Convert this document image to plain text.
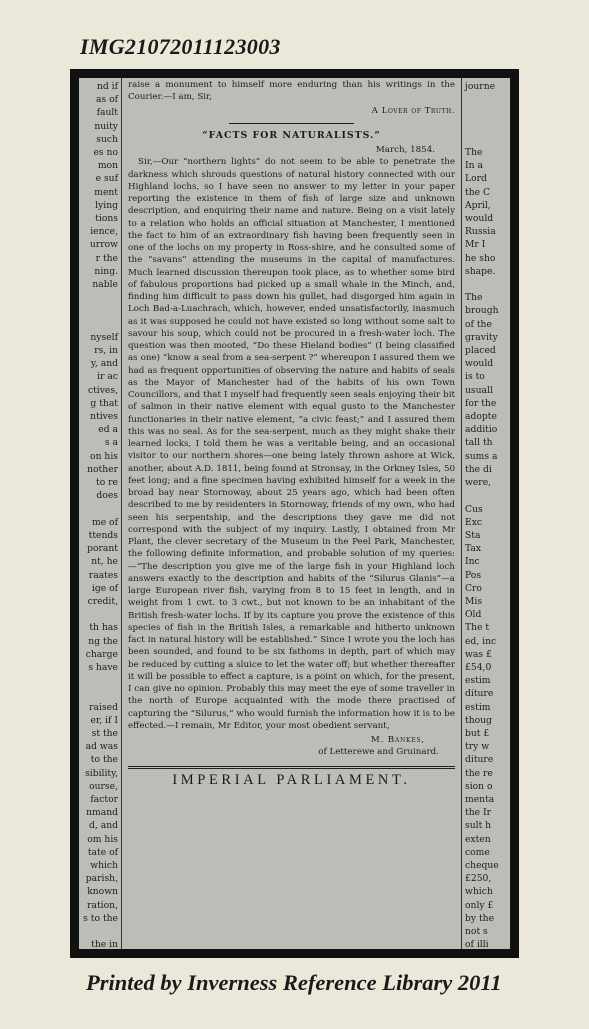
IMG21072011123003
nd if
as of
fault
nuity
such
es no
mon
e suf
ment
lying
tions
ience,
urrow
r the
ning.
nable

nyself
rs, in
y, and
ir ac
ctives,
g that
ntives
ed a
s a
on his
nother
to re
does

me of
ttends
porant
nt, he
raates
ige of
credit,

th has
ng the
charge
s have

raised
er, if I
st the
ad was
to the
sibility,
ourse,
factor
nmand
d, and
om his
tate of
which
parish,
known
ration,
s to the

the in

raise a monument to himself more enduring than his writings in the Courier.—I am, Sir,

A Lover of Truth.
“FACTS FOR NATURALISTS.”
March, 1854.

Sir,—Our “northern lights” do not seem to be able to penetrate the darkness which shrouds questions of natural history connected with our Highland lochs, so I have seen no answer to my letter in your paper reporting the existence in them of fish of large size and unknown description, and enquiring their name and nature. Being on a visit lately to a relation who holds an official situation at Manchester, I mentioned the fact to him of an extraordinary fish having been frequently seen in one of the lochs on my property in Ross-shire, and he consulted some of the “savans” attending the museums in the capital of manufactures. Much learned discussion thereupon took place, as to whether some bird of fabulous proportions had picked up a small whale in the Minch, and, finding him difficult to pass down his gullet, had disgorged him again in Loch Bad-a-Luachrach, which, however, ended unsatisfactorily, inasmuch as it was supposed he could not have existed so long without some salt to savour his soup, which could not be procured in a fresh-water loch. The question was then mooted, “Do these Hieland bodies” (I being classified as one) “know a seal from a sea-serpent ?” whereupon I assured them we had as frequent opportunities of observing the nature and habits of seals as the Mayor of Manchester had of the habits of his own Town Councillors, and that I myself had frequently seen seals enjoying their bit of salmon in their native element with equal gusto to the Manchester functionaries in their native element, “a civic feast;” and I assured them this was no seal. As for the sea-serpent, much as they might shake their learned locks, I told them he was a veritable being, and an occasional visitor to our northern shores—one being lately thrown ashore at Wick, another, about A.D. 1811, being found at Stronsay, in the Orkney Isles, 50 feet long; and a fine specimen having exhibited himself for a week in the broad bay near Stornoway, about 25 years ago, which had been often described to me by residenters in Stornoway, friends of my own, who had seen his serpentship, and the descriptions they gave me did not correspond with the subject of my inquiry. Lastly, I obtained from Mr Plant, the clever secretary of the Museum in the Peel Park, Manchester, the following definite information, and probable solution of my queries:—“The description you give me of the large fish in your Highland loch answers exactly to the description and habits of the “Silurus Glanis”—a large European river fish, varying from 8 to 15 feet in length, and in weight from 1 cwt. to 3 cwt., but not known to be an inhabitant of the British fresh-water lochs. If by its capture you prove the existence of this species of fish in the British Isles, a remarkable and hitherto unknown fact in natural history will be established.” Since I wrote you the loch has been sounded, and found to be six fathoms in depth, part of which may be reduced by cutting a sluice to let the water off; but whether thereafter it will be possible to effect a capture, is a point on which, for the present, I can give no opinion. Probably this may meet the eye of some traveller in the north of Europe acquainted with the mode there practised of capturing the “Silurus,” who would furnish the information how it is to be effected.—I remain, Mr Editor, your most obedient servant,

M. Bankes,
of Letterewe and Gruinard.
IMPERIAL PARLIAMENT.
journe

The
In a
Lord
the C
April,
would
Russia
Mr I
he sho
shape.

The
brough
of the
gravity
placed
would
is to
usuall
for the
adopte
additio
tall th
sums a
the di
were,

Cus
Exc
Sta
Tax
Inc
Pos
Cro
Mis
Old
The t
ed, inc
was £
£54,0
estim
diture
estim
thoug
but £
try w
diture
the re
sion o
menta
the Ir
sult h
exten
come
cheque
£250,
which
only £
by the
not s
of illi
Printed by Inverness Reference Library 2011
